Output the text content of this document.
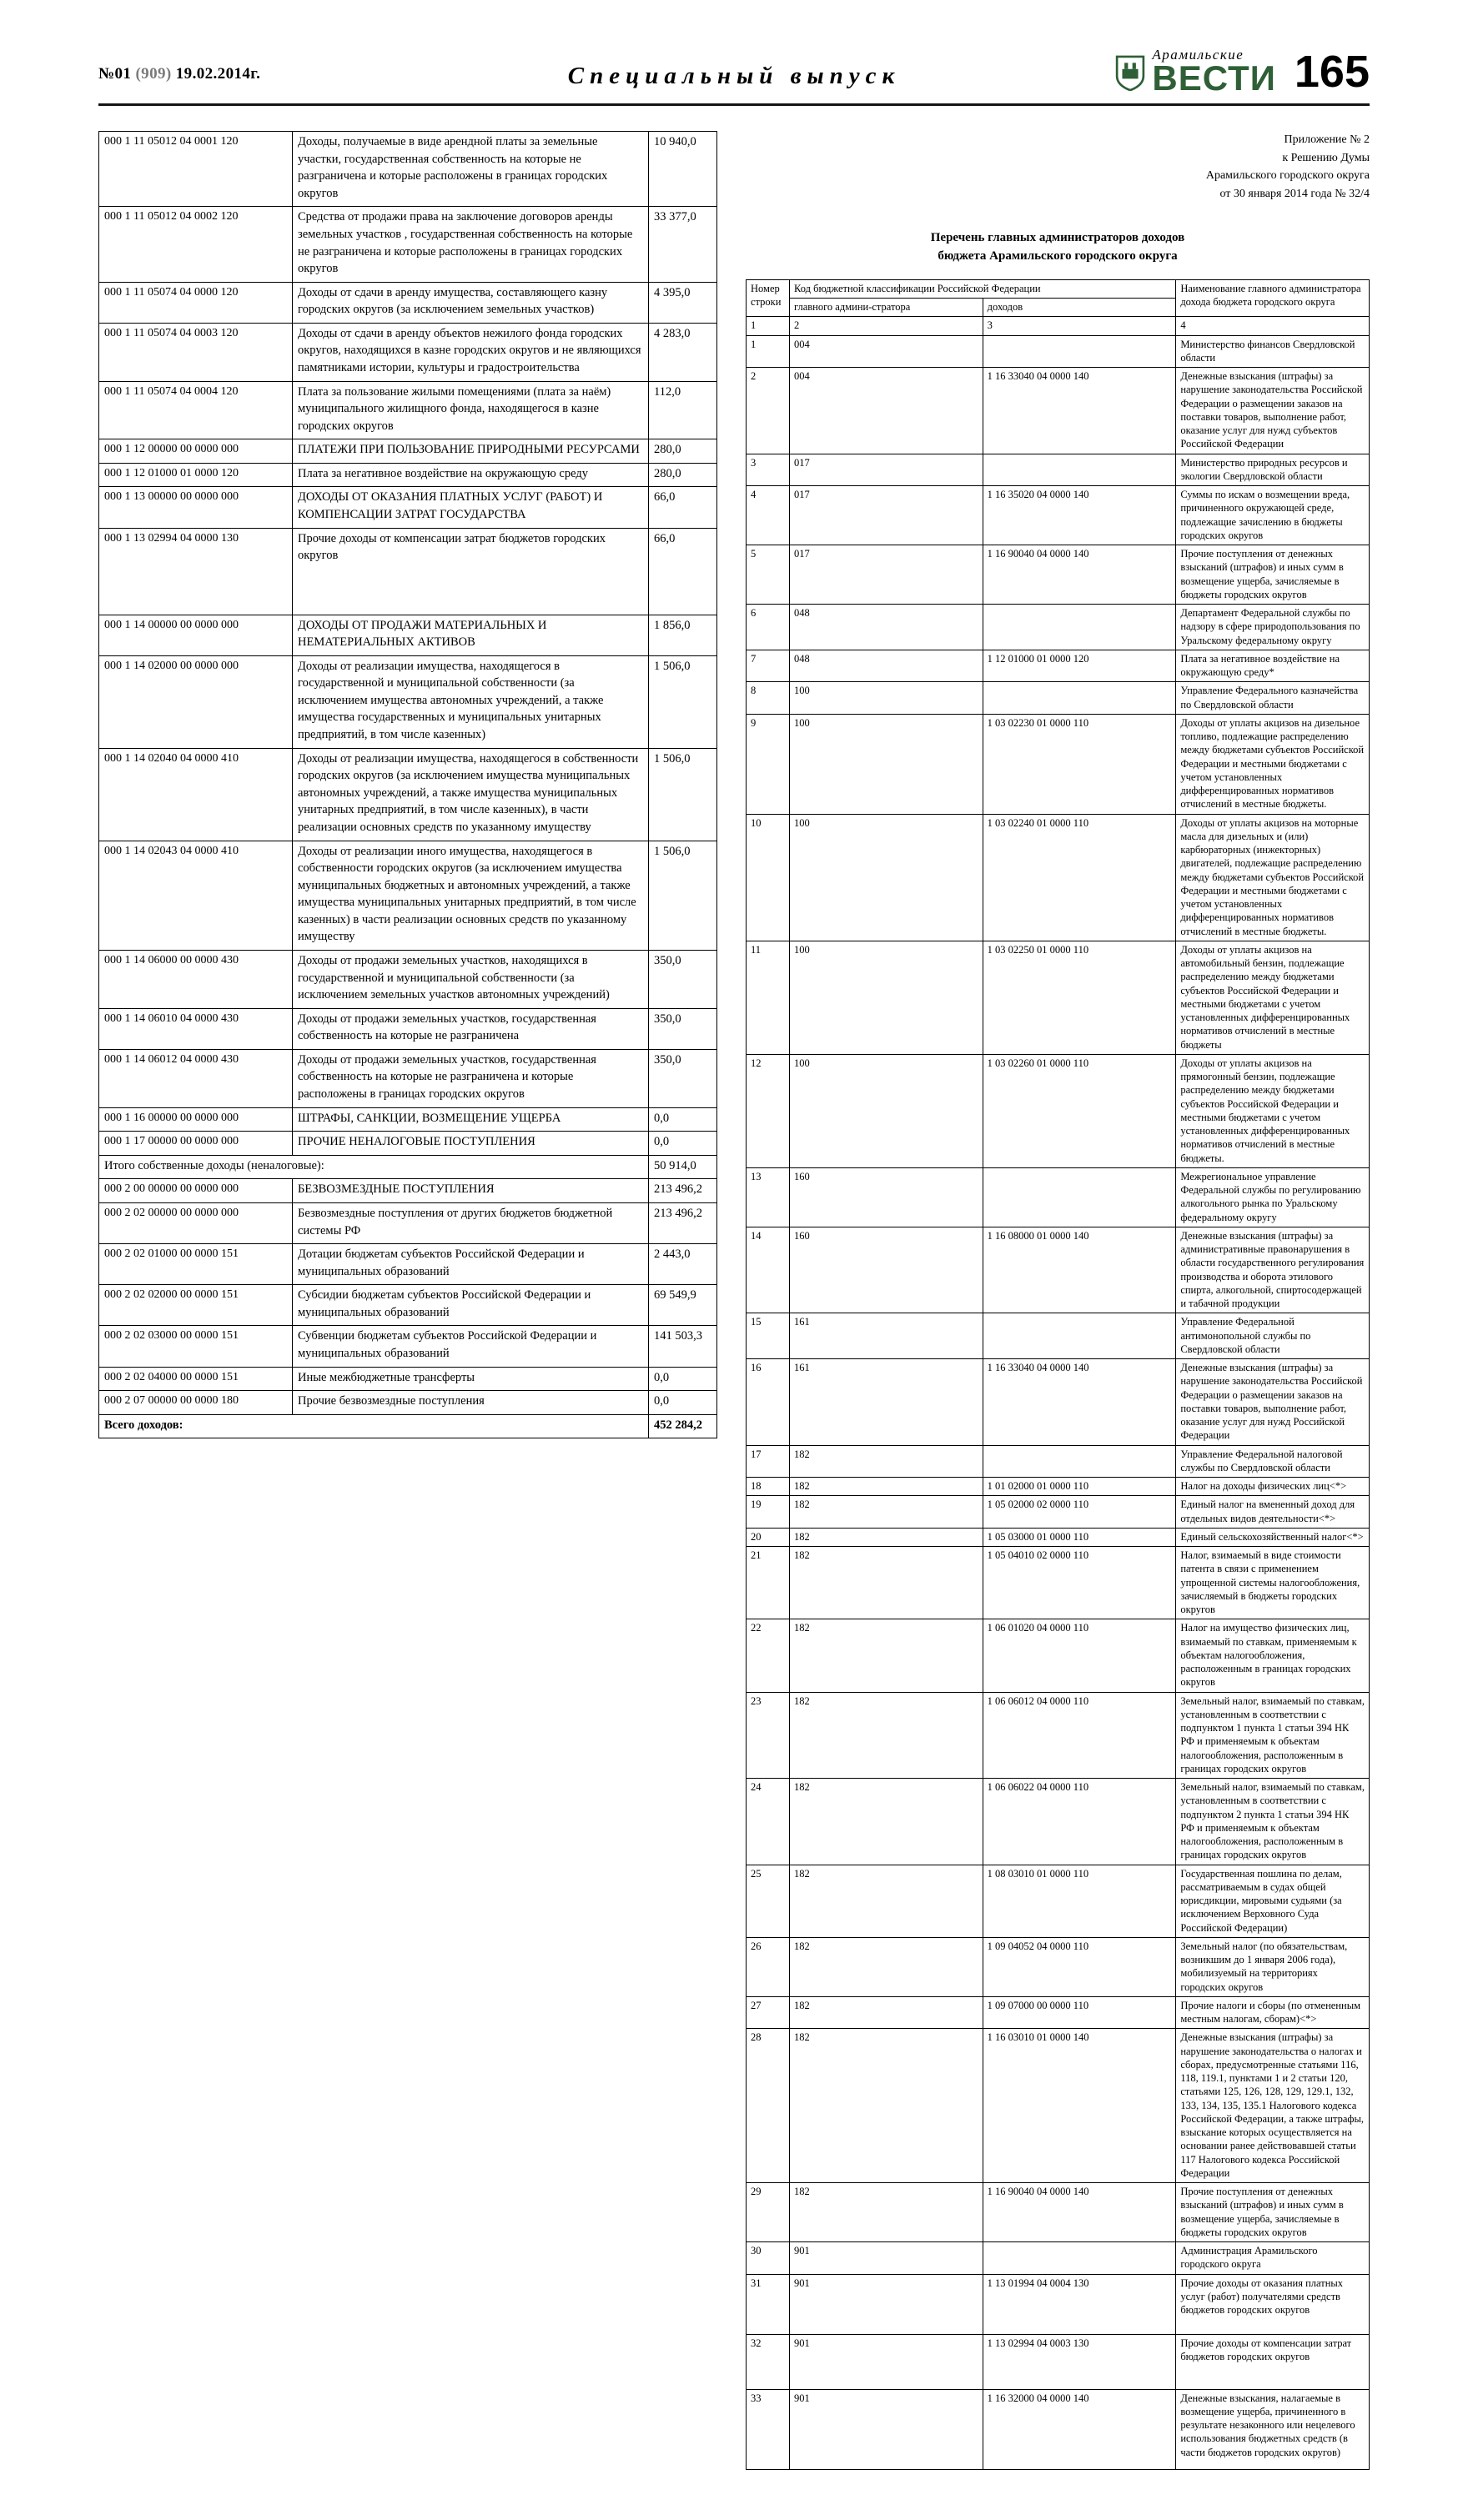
№01 (909) 19.02.2014г.	Специальный выпуск
Арамильские
ВЕСТИ 165
000 1 11 05012 04 0001 120	Доходы, получаемые в виде арендной платы за земельные участки, государственная собственность на которые не разграничена и которые расположены в границах городских округов	10 940,0
000 1 11 05012 04 0002 120	Средства от продажи права на заключение договоров аренды земельных участков , государственная собственность на которые не разграничена и которые расположены в границах городских округов	33 377,0
000 1 11 05074 04 0000 120	Доходы от сдачи в аренду имущества, составляющего казну городских округов (за исключением земельных участков)	4 395,0
000 1 11 05074 04 0003 120	Доходы от сдачи в аренду объектов нежилого фонда городских округов, находящихся в казне городских округов и не являющихся памятниками истории, культуры и градостроительства	4 283,0
000 1 11 05074 04 0004 120	Плата за пользование жилыми помещениями (плата за наём) муниципального жилищного фонда, находящегося в казне городских округов	112,0
000 1 12 00000 00 0000 000	ПЛАТЕЖИ ПРИ ПОЛЬЗОВАНИЕ ПРИРОДНЫМИ РЕСУРСАМИ	280,0
000 1 12 01000 01 0000 120	Плата за негативное воздействие на окружающую среду	280,0
000 1 13 00000 00 0000 000	ДОХОДЫ ОТ ОКАЗАНИЯ ПЛАТНЫХ УСЛУГ (РАБОТ) И КОМПЕНСАЦИИ ЗАТРАТ ГОСУДАРСТВА	66,0
000 1 13 02994 04 0000 130	Прочие доходы от компенсации затрат бюджетов городских округов	66,0
000 1 14 00000 00 0000 000	ДОХОДЫ ОТ ПРОДАЖИ МАТЕРИАЛЬНЫХ И НЕМАТЕРИАЛЬНЫХ АКТИВОВ	1 856,0
000 1 14 02000 00 0000 000	Доходы от реализации имущества, находящегося в государственной и муниципальной собственности (за исключением имущества автономных учреждений, а также имущества государственных и муниципальных унитарных предприятий, в том числе казенных)	1 506,0
000 1 14 02040 04 0000 410	Доходы от реализации имущества, находящегося в собственности городских округов (за исключением имущества муниципальных автономных учреждений, а также имущества муниципальных унитарных предприятий, в том числе казенных), в части реализации основных средств по указанному имуществу	1 506,0
000 1 14 02043 04 0000 410	Доходы от реализации иного имущества, находящегося в собственности городских округов (за исключением имущества муниципальных бюджетных и автономных учреждений, а также имущества муниципальных унитарных предприятий, в том числе казенных) в части реализации основных средств по указанному имуществу	1 506,0
000 1 14 06000 00 0000 430	Доходы от продажи земельных участков, находящихся в государственной и муниципальной собственности (за исключением земельных участков автономных учреждений)	350,0
000 1 14 06010 04 0000 430	Доходы от продажи земельных участков, государственная собственность на которые не разграничена	350,0
000 1 14 06012 04 0000 430	Доходы от продажи земельных участков, государственная собственность на которые не разграничена и которые расположены в границах городских округов	350,0
000 1 16 00000 00 0000 000	ШТРАФЫ, САНКЦИИ, ВОЗМЕЩЕНИЕ УЩЕРБА	0,0
000 1 17 00000 00 0000 000	ПРОЧИЕ НЕНАЛОГОВЫЕ ПОСТУПЛЕНИЯ	0,0
Итого собственные доходы (неналоговые):		50 914,0
000 2 00 00000 00 0000 000	БЕЗВОЗМЕЗДНЫЕ ПОСТУПЛЕНИЯ	213 496,2
000 2 02 00000 00 0000 000	Безвозмездные поступления от других бюджетов бюджетной системы РФ	213 496,2
000 2 02 01000 00 0000 151	Дотации бюджетам субъектов Российской Федерации и муниципальных образований	2 443,0
000 2 02 02000 00 0000 151	Субсидии бюджетам субъектов Российской Федерации и муниципальных образований	69 549,9
000 2 02 03000 00 0000 151	Субвенции бюджетам субъектов Российской Федерации и муниципальных образований	141 503,3
000 2 02 04000 00 0000 151	Иные межбюджетные трансферты	0,0
000 2 07 00000 00 0000 180	Прочие безвозмездные поступления	0,0
Всего доходов:		452 284,2
Приложение № 2
к Решению Думы
Арамильского городского округа
от 30 января 2014 года № 32/4
Перечень главных администраторов доходов
бюджета Арамильского городского округа
Номер строки	Код бюджетной классификации Российской Федерации		Наименование главного администратора дохода бюджета городского округа
	главного админи-стратора	доходов	
1	2	3	4
1	004		Министерство финансов Свердловской области
2	004	1 16 33040 04 0000 140	Денежные взыскания (штрафы) за нарушение законодательства Российской Федерации о размещении заказов на поставки товаров, выполнение работ, оказание услуг для нужд субъектов Российской Федерации
3	017		Министерство природных ресурсов и экологии Свердловской области
4	017	1 16 35020 04 0000 140	Суммы по искам о возмещении вреда, причиненного окружающей среде, подлежащие зачислению в бюджеты городских округов
5	017	1 16 90040 04 0000 140	Прочие поступления от денежных взысканий (штрафов) и иных сумм в возмещение ущерба, зачисляемые в бюджеты городских округов
6	048		Департамент Федеральной службы по надзору в сфере природопользования по Уральскому федеральному округу
7	048	1 12 01000 01 0000 120	Плата за негативное воздействие на окружающую среду*
8	100		Управление Федерального казначейства по Свердловской области
9	100	1 03 02230 01 0000 110	Доходы от уплаты акцизов на дизельное топливо, подлежащие распределению между бюджетами субъектов Российской Федерации и местными бюджетами с учетом установленных дифференцированных нормативов отчислений в местные бюджеты.
10	100	1 03 02240 01 0000 110	Доходы от уплаты акцизов на моторные масла для дизельных и (или) карбюраторных (инжекторных) двигателей, подлежащие распределению между бюджетами субъектов Российской Федерации и местными бюджетами с учетом установленных дифференцированных нормативов отчислений в местные бюджеты.
11	100	1 03 02250 01 0000 110	Доходы от уплаты акцизов на автомобильный бензин, подлежащие распределению между бюджетами субъектов Российской Федерации и местными бюджетами с учетом установленных дифференцированных нормативов отчислений в местные бюджеты
12	100	1 03 02260 01 0000 110	Доходы от уплаты акцизов на прямогонный бензин, подлежащие распределению между бюджетами субъектов Российской Федерации и местными бюджетами с учетом установленных дифференцированных нормативов отчислений в местные бюджеты.
13	160		Межрегиональное управление Федеральной службы по регулированию алкогольного рынка по Уральскому федеральному округу
14	160	1 16 08000 01 0000 140	Денежные взыскания (штрафы) за административные правонарушения в области государственного регулирования производства и оборота этилового спирта, алкогольной, спиртосодержащей и табачной продукции
15	161		Управление Федеральной антимонопольной службы по Свердловской области
16	161	1 16 33040 04 0000 140	Денежные взыскания (штрафы) за нарушение законодательства Российской Федерации о размещении заказов на поставки товаров, выполнение работ, оказание услуг для нужд Российской Федерации
17	182		Управление Федеральной налоговой службы по Свердловской области
18	182	1 01 02000 01 0000 110	Налог на доходы физических лиц<*>
19	182	1 05 02000 02 0000 110	Единый налог на вмененный доход для отдельных видов деятельности<*>
20	182	1 05 03000 01 0000 110	Единый сельскохозяйственный налог<*>
21	182	1 05 04010 02 0000 110	Налог, взимаемый в виде стоимости патента в связи с применением упрощенной системы налогообложения, зачисляемый в бюджеты городских округов
22	182	1 06 01020 04 0000 110	Налог на имущество физических лиц, взимаемый по ставкам, применяемым к объектам налогообложения, расположенным в границах городских округов
23	182	1 06 06012 04 0000 110	Земельный налог, взимаемый по ставкам, установленным в соответствии с подпунктом 1 пункта 1 статьи 394 НК РФ и применяемым к объектам налогообложения, расположенным в границах городских округов
24	182	1 06 06022 04 0000 110	Земельный налог, взимаемый по ставкам, установленным в соответствии с подпунктом 2 пункта 1 статьи 394 НК РФ и применяемым к объектам налогообложения, расположенным в границах городских округов
25	182	1 08 03010 01 0000 110	Государственная пошлина по делам, рассматриваемым в судах общей юрисдикции, мировыми судьями (за исключением Верховного Суда Российской Федерации)
26	182	1 09 04052 04 0000 110	Земельный налог (по обязательствам, возникшим до 1 января 2006 года), мобилизуемый на территориях городских округов
27	182	1 09 07000 00 0000 110	Прочие налоги и сборы (по отмененным местным налогам, сборам)<*>
28	182	1 16 03010 01 0000 140	Денежные взыскания (штрафы) за нарушение законодательства о налогах и сборах, предусмотренные статьями 116, 118, 119.1, пунктами 1 и 2 статьи 120, статьями 125, 126, 128, 129, 129.1, 132, 133, 134, 135, 135.1 Налогового кодекса Российской Федерации, а также штрафы, взыскание которых осуществляется на основании ранее действовавшей статьи 117 Налогового кодекса Российской Федерации
29	182	1 16 90040 04 0000 140	Прочие поступления от денежных взысканий (штрафов) и иных сумм в возмещение ущерба, зачисляемые в бюджеты городских округов
30	901		Администрация Арамильского городского округа
31	901	1 13 01994 04 0004 130	Прочие доходы от оказания платных услуг (работ) получателями средств бюджетов городских округов
32	901	1 13 02994 04 0003 130	Прочие доходы от компенсации затрат бюджетов городских округов
33	901	1 16 32000 04 0000 140	Денежные взыскания, налагаемые в возмещение ущерба, причиненного в результате незаконного или нецелевого использования бюджетных средств (в части бюджетов городских округов)
